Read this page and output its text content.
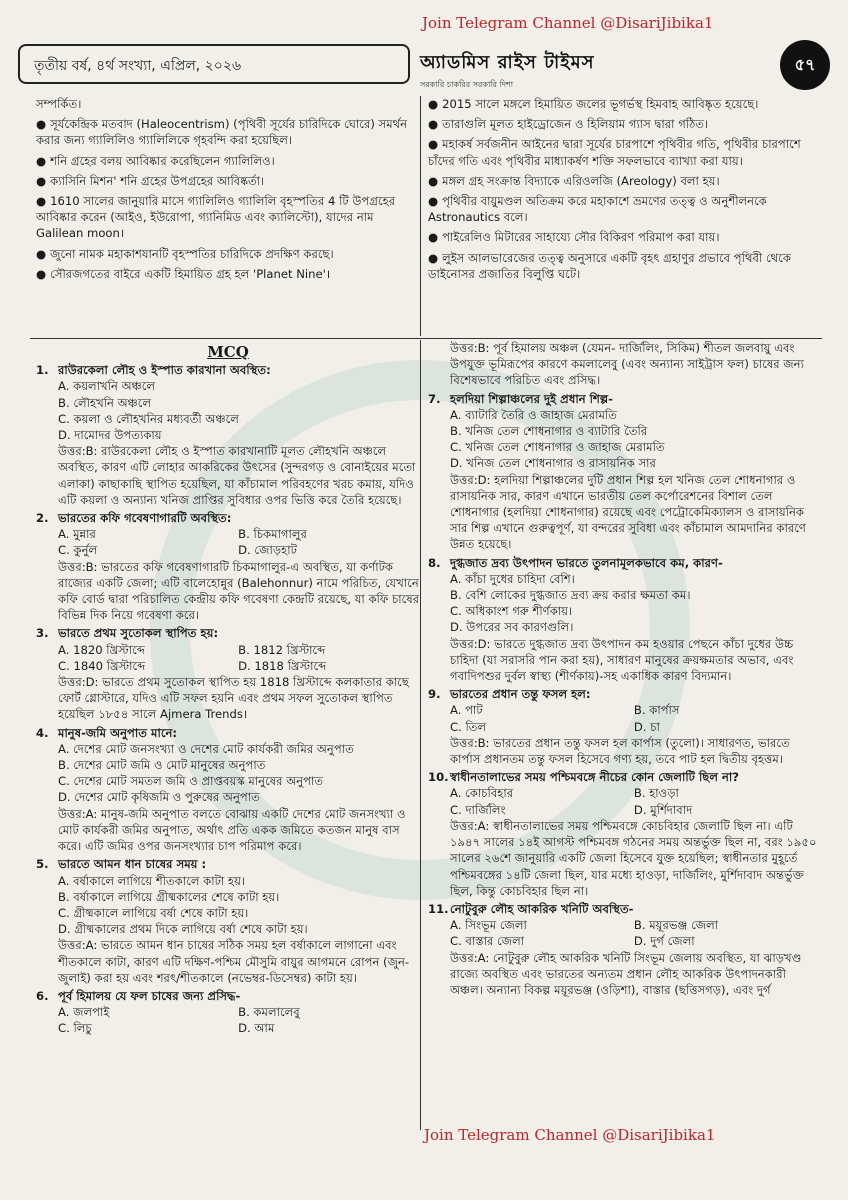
Join Telegram Channel @DisariJibika1
তৃতীয় বর্ষ, ৪র্থ সংখ্যা, এপ্রিল, ২০২৬	অ্যাডমিস রাইস টাইমস
সরকারি চাকরির সরকারি দিশা
৫৭
সম্পর্কিত।
● সূর্যকেন্দ্রিক মতবাদ (Haleocentrism) (পৃথিবী সূর্যের চারিদিকে ঘোরে) সমর্থন করার জন্য গ্যালিলিও গ্যালিলিকে গৃহবন্দি করা হয়েছিল।
● শনি গ্রহের বলয় আবিষ্কার করেছিলেন গ্যালিলিও।
● ক্যাসিনি মিশন' শনি গ্রহের উপগ্রহের আবিষ্কর্তা।
● 1610 সালের জানুয়ারি মাসে গ্যালিলিও গ্যালিলি বৃহস্পতির 4 টি উপগ্রহের আবিষ্কার করেন (আইও, ইউরোপা, গ্যানিমিড এবং ক্যালিস্টো), যাদের নাম Galilean moon।
● জুনো নামক মহাকাশযানটি বৃহস্পতির চারিদিকে প্রদক্ষিণ করছে।
● সৌরজগতের বাইরে একটি হিমায়িত গ্রহ হল 'Planet Nine'।
● 2015 সালে মঙ্গলে হিমায়িত জলের ভূগর্ভস্থ হিমবাহ আবিষ্কৃত হয়েছে।
● তারাগুলি মূলত হাইড্রোজেন ও হিলিয়াম গ্যাস দ্বারা গঠিত।
● মহাকর্ষ সর্বজনীন আইনের দ্বারা সূর্যের চারপাশে পৃথিবীর গতি, পৃথিবীর চারপাশে চাঁদের গতি এবং পৃথিবীর মাধ্যাকর্ষণ শক্তি সফলভাবে ব্যাখ্যা করা যায়।
● মঙ্গল গ্রহ সংক্রান্ত বিদ্যাকে এরিওলজি (Areology) বলা হয়।
● পৃথিবীর বায়ুমণ্ডল অতিক্রম করে মহাকাশে ভ্রমণের তত্ত্ব ও অনুশীলনকে Astronautics বলে।
● পাইরেলিও মিটারের সাহায্যে সৌর বিকিরণ পরিমাপ করা যায়।
● লুইস আলভারেজের তত্ত্ব অনুসারে একটি বৃহৎ গ্রহাণুর প্রভাবে পৃথিবী থেকে ডাইনোসর প্রজাতির বিলুপ্তি ঘটে।
MCQ
1. রাউরকেলা লৌহ ও ইস্পাত কারখানা অবস্থিত:
A. কয়লাখনি অঞ্চলে
B. লৌহখনি অঞ্চলে
C. কয়লা ও লৌহখনির মধ্যবর্তী অঞ্চলে
D. দামোদর উপত্যকায়
উত্তর:B: রাউরকেলা লৌহ ও ইস্পাত কারখানাটি মূলত লৌহখনি অঞ্চলে অবস্থিত, কারণ এটি লোহার আকরিকের উৎসের (সুন্দরগড় ও বোনাইয়ের মতো এলাকা) কাছাকাছি স্থাপিত হয়েছিল, যা কাঁচামাল পরিবহণের খরচ কমায়, যদিও এটি কয়লা ও অন্যান্য খনিজ প্রাপ্তির সুবিধার ওপর ভিত্তি করে তৈরি হয়েছে।
2. ভারতের কফি গবেষণাগারটি অবস্থিত:
A. মুন্নার	B. চিকমাগালুর
C. কুর্নুল	D. জোড়হাট
উত্তর:B: ভারতের কফি গবেষণাগারটি চিকমাগালুর-এ অবস্থিত, যা কর্ণাটক রাজ্যের একটি জেলা; এটি বালেহোন্নুর (Balehonnur) নামে পরিচিত, যেখানে কফি বোর্ড দ্বারা পরিচালিত কেন্দ্রীয় কফি গবেষণা কেন্দ্রটি রয়েছে, যা কফি চাষের বিভিন্ন দিক নিয়ে গবেষণা করে।
3. ভারতে প্রথম সুতোকল স্থাপিত হয়:
A. 1820 খ্রিস্টাব্দে	B. 1812 খ্রিস্টাব্দে
C. 1840 খ্রিস্টাব্দে	D. 1818 খ্রিস্টাব্দে
উত্তর:D: ভারতে প্রথম সুতোকল স্থাপিত হয় 1818 খ্রিস্টাব্দে কলকাতার কাছে ফোর্ট গ্লোস্টারে, যদিও এটি সফল হয়নি এবং প্রথম সফল সুতোকল স্থাপিত হয়েছিল ১৮৫৪ সালে Ajmera Trends।
4. মানুষ-জমি অনুপাত মানে:
A. দেশের মোট জনসংখ্যা ও দেশের মোট কার্যকরী জমির অনুপাত
B. দেশের মোট জমি ও মোট মানুষের অনুপাত
C. দেশের মোট সমতল জমি ও প্রাপ্তবয়স্ক মানুষের অনুপাত
D. দেশের মোট কৃষিজমি ও পুরুষের অনুপাত
উত্তর:A: মানুষ-জমি অনুপাত বলতে বোঝায় একটি দেশের মোট জনসংখ্যা ও মোট কার্যকরী জমির অনুপাত, অর্থাৎ প্রতি একক জমিতে কতজন মানুষ বাস করে। এটি জমির ওপর জনসংখ্যার চাপ পরিমাপ করে।
5. ভারতে আমন ধান চাষের সময় :
A. বর্ষাকালে লাগিয়ে শীতকালে কাটা হয়।
B. বর্ষাকালে লাগিয়ে গ্রীষ্মকালের শেষে কাটা হয়।
C. গ্রীষ্মকালে লাগিয়ে বর্ষা শেষে কাটা হয়।
D. গ্রীষ্মকালের প্রথম দিকে লাগিয়ে বর্ষা শেষে কাটা হয়।
উত্তর:A: ভারতে আমন ধান চাষের সঠিক সময় হল বর্ষাকালে লাগানো এবং শীতকালে কাটা, কারণ এটি দক্ষিণ-পশ্চিম মৌসুমি বায়ুর আগমনে রোপন (জুন-জুলাই) করা হয় এবং শরৎ/শীতকালে (নভেম্বর-ডিসেম্বর) কাটা হয়।
6. পূর্ব হিমালয় যে ফল চাষের জন্য প্রসিদ্ধ-
A. জলপাই	B. কমলালেবু
C. লিচু	D. আম
উত্তর:B: পূর্ব হিমালয় অঞ্চল (যেমন- দার্জিলিং, সিকিম) শীতল জলবায়ু এবং উপযুক্ত ভূমিরূপের কারণে কমলালেবু (এবং অন্যান্য সাইট্রাস ফল) চাষের জন্য বিশেষভাবে পরিচিত এবং প্রসিদ্ধ।
7. হলদিয়া শিল্পাঞ্চলের দুই প্রধান শিল্প-
A. ব্যাটারি তৈরি ও জাহাজ মেরামতি
B. খনিজ তেল শোধনাগার ও ব্যাটারি তৈরি
C. খনিজ তেল শোধনাগার ও জাহাজ মেরামতি
D. খনিজ তেল শোধনাগার ও রাসায়নিক সার
উত্তর:D: হলদিয়া শিল্পাঞ্চলের দুটি প্রধান শিল্প হল খনিজ তেল শোধনাগার ও রাসায়নিক সার, কারণ এখানে ভারতীয় তেল কর্পোরেশনের বিশাল তেল শোধনাগার (হলদিয়া শোধনাগার) রয়েছে এবং পেট্রোকেমিক্যালস ও রাসায়নিক সার শিল্প এখানে গুরুত্বপূর্ণ, যা বন্দরের সুবিধা এবং কাঁচামাল আমদানির কারণে উন্নত হয়েছে।
8. দুগ্ধজাত দ্রব্য উৎপাদন ভারতে তুলনামূলকভাবে কম, কারণ-
A. কাঁচা দুধের চাহিদা বেশি।
B. বেশি লোকের দুগ্ধজাত দ্রব্য ক্রয় করার ক্ষমতা কম।
C. অধিকাংশ গরু শীর্ণকায়।
D. উপরের সব কারণগুলি।
উত্তর:D: ভারতে দুগ্ধজাত দ্রব্য উৎপাদন কম হওয়ার পেছনে কাঁচা দুধের উচ্চ চাহিদা (যা সরাসরি পান করা হয়), সাধারণ মানুষের ক্রয়ক্ষমতার অভাব, এবং গবাদিপশুর দুর্বল স্বাস্থ্য (শীর্ণকায়)-সহ একাধিক কারণ বিদ্যমান।
9. ভারতের প্রধান তন্তু ফসল হল:
A. পাট	B. কার্পাস
C. তিল	D. চা
উত্তর:B: ভারতের প্রধান তন্তু ফসল হল কার্পাস (তুলো)। সাধারণত, ভারতে কার্পাস প্রধানতম তন্তু ফসল হিসেবে গণ্য হয়, তবে পাট হল দ্বিতীয় বৃহত্তম।
10.স্বাধীনতালাভের সময় পশ্চিমবঙ্গে নীচের কোন জেলাটি ছিল না?
A. কোচবিহার	B. হাওড়া
C. দার্জিলিং	D. মুর্শিদাবাদ
উত্তর:A: স্বাধীনতালাভের সময় পশ্চিমবঙ্গে কোচবিহার জেলাটি ছিল না। এটি ১৯৪৭ সালের ১৪ই আগস্ট পশ্চিমবঙ্গ গঠনের সময় অন্তর্ভুক্ত ছিল না, বরং ১৯৫০ সালের ২৬শে জানুয়ারি একটি জেলা হিসেবে যুক্ত হয়েছিল; স্বাধীনতার মুহূর্তে পশ্চিমবঙ্গের ১৪টি জেলা ছিল, যার মধ্যে হাওড়া, দার্জিলিং, মুর্শিদাবাদ অন্তর্ভুক্ত ছিল, কিন্তু কোচবিহার ছিল না।
11.নোটুবুরু লৌহ আকরিক খনিটি অবস্থিত-
A. সিংভূম জেলা	B. ময়ূরভঞ্জ জেলা
C. বাস্তার জেলা	D. দুর্গ জেলা
উত্তর:A: নোটুবুরু লৌহ আকরিক খনিটি সিংভূম জেলায় অবস্থিত, যা ঝাড়খণ্ড রাজ্যে অবস্থিত এবং ভারতের অন্যতম প্রধান লৌহ আকরিক উৎপাদনকারী অঞ্চল। অন্যান্য বিকল্প ময়ূরভঞ্জ (ওড়িশা), বাস্তার (ছত্তিসগড়), এবং দুর্গ
Join Telegram Channel @DisariJibika1
